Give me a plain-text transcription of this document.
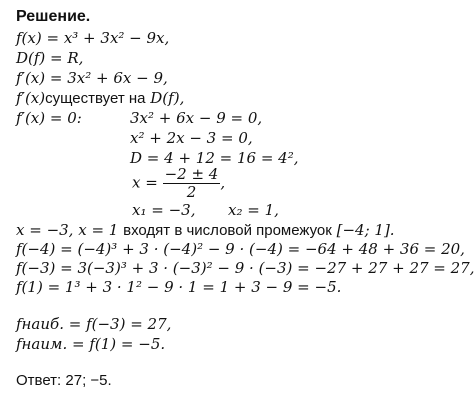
Решение.
f(x) = x³ + 3x² − 9x,
D(f) = R,
f′(x) = 3x² + 6x − 9,
f′(x)существует на D(f),
f′(x) = 0:	3x² + 6x − 9 = 0,
x² + 2x − 3 = 0,
D = 4 + 12 = 16 = 4²,
$x = \frac{-2 \pm 4}{2}$ ,
x₁ = −3, x₂ = 1,
x = −3, x = 1 входят в числовой промежуок [−4; 1].
f(−4) = (−4)³ + 3 · (−4)² − 9 · (−4) = −64 + 48 + 36 = 20,
f(−3) = 3(−3)³ + 3 · (−3)² − 9 · (−3) = −27 + 27 + 27 = 27,
f(1) = 1³ + 3 · 1² − 9 · 1 = 1 + 3 − 9 = −5.
fнаиб. = f(−3) = 27,
fнаим. = f(1) = −5.
Ответ: 27; −5.
